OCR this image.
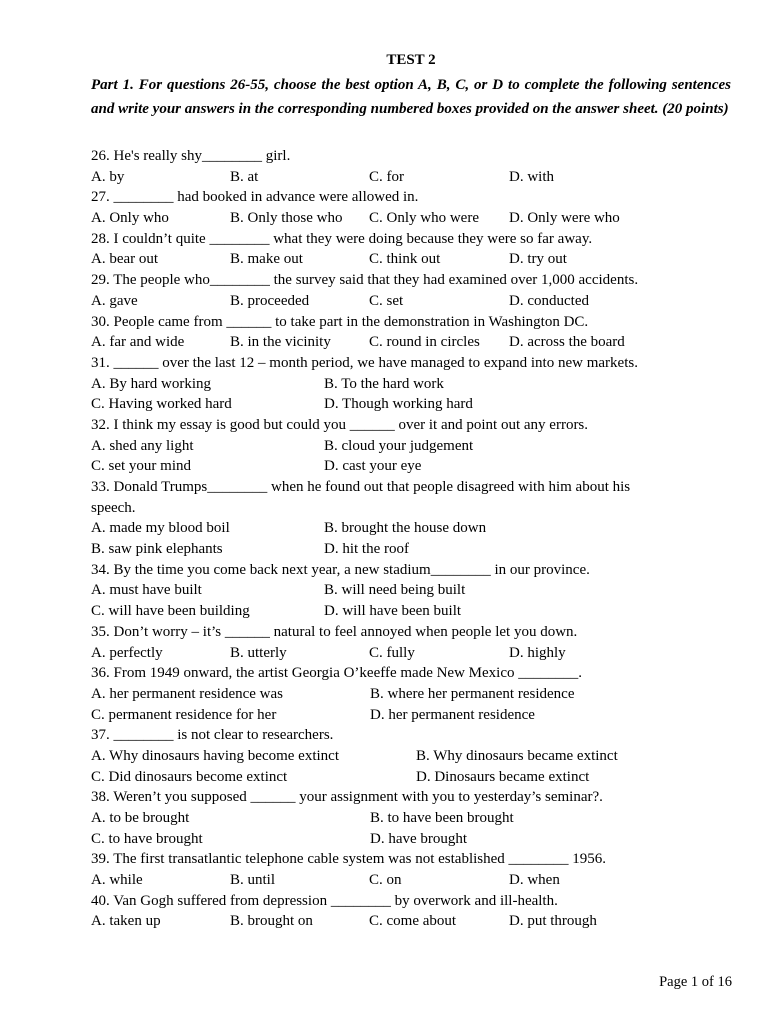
TEST 2
Part 1. For questions 26-55, choose the best option A, B, C, or D to complete the following sentences and write your answers in the corresponding numbered boxes provided on the answer sheet. (20 points)
26. He's really shy________ girl.
A. by	B. at	C. for	D. with
27. ________ had booked in advance were allowed in.
A. Only who	B. Only those who C. Only who were D. Only were who
28. I couldn’t quite ________ what they were doing because they were so far away.
A. bear out	B. make out	C. think out	D. try out
29. The people who________ the survey said that they had examined over 1,000 accidents.
A. gave	B. proceeded	C. set	D. conducted
30. People came from ______ to take part in the demonstration in Washington DC.
A. far and wide	B. in the vicinity	C. round in circles D. across the board
31. ______ over the last 12 – month period, we have managed to expand into new markets.
A. By hard working	B. To the hard work
C. Having worked hard	D. Though working hard
32. I think my essay is good but could you ______ over it and point out any errors.
A. shed any light	B. cloud your judgement
C. set your mind	D. cast your eye
33. Donald Trumps________ when he found out that people disagreed with him about his
speech.
A. made my blood boil	B. brought the house down
B. saw pink elephants	D. hit the roof
34. By the time you come back next year, a new stadium________ in our province.
A. must have built	B. will need being built
C. will have been building	D. will have been built
35. Don’t worry – it’s ______ natural to feel annoyed when people let you down.
A. perfectly	B. utterly	C. fully	D. highly
36. From 1949 onward, the artist Georgia O’keeffe made New Mexico ________.
A. her permanent residence was	B. where her permanent residence
C. permanent residence for her	D. her permanent residence
37. ________ is not clear to researchers.
A. Why dinosaurs having become extinct	B. Why dinosaurs became extinct
C. Did dinosaurs become extinct	D. Dinosaurs became extinct
38. Weren’t you supposed ______ your assignment with you to yesterday’s seminar?.
A. to be brought	B. to have been brought
C. to have brought	D. have brought
39. The first transatlantic telephone cable system was not established ________ 1956.
A. while	B. until	C. on	D. when
40. Van Gogh suffered from depression ________ by overwork and ill-health.
A. taken up	B. brought on	C. come about	D. put through
Page 1 of 16
